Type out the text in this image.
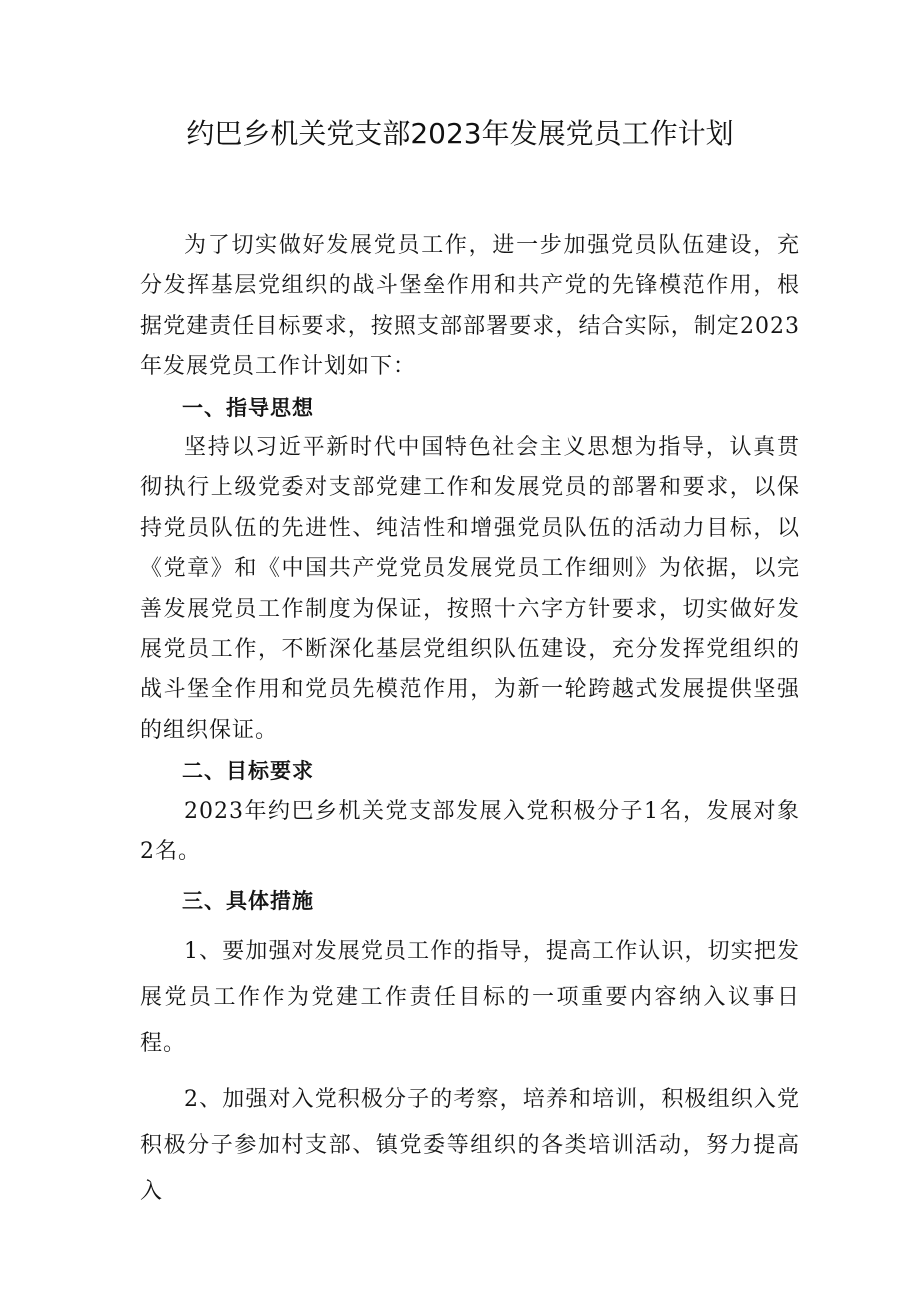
约巴乡机关党支部2023年发展党员工作计划

为了切实做好发展党员工作，进一步加强党员队伍建设，充分发挥基层党组织的战斗堡垒作用和共产党的先锋模范作用，根据党建责任目标要求，按照支部部署要求，结合实际，制定2023年发展党员工作计划如下：

一、指导思想

坚持以习近平新时代中国特色社会主义思想为指导，认真贯彻执行上级党委对支部党建工作和发展党员的部署和要求，以保持党员队伍的先进性、纯洁性和增强党员队伍的活动力目标，以《党章》和《中国共产党党员发展党员工作细则》为依据，以完善发展党员工作制度为保证，按照十六字方针要求，切实做好发展党员工作，不断深化基层党组织队伍建设，充分发挥党组织的战斗堡全作用和党员先模范作用，为新一轮跨越式发展提供坚强的组织保证。

二、目标要求

2023年约巴乡机关党支部发展入党积极分子1名，发展对象2名。

三、具体措施

1、要加强对发展党员工作的指导，提高工作认识，切实把发展党员工作作为党建工作责任目标的一项重要内容纳入议事日程。

2、加强对入党积极分子的考察，培养和培训，积极组织入党积极分子参加村支部、镇党委等组织的各类培训活动，努力提高入
